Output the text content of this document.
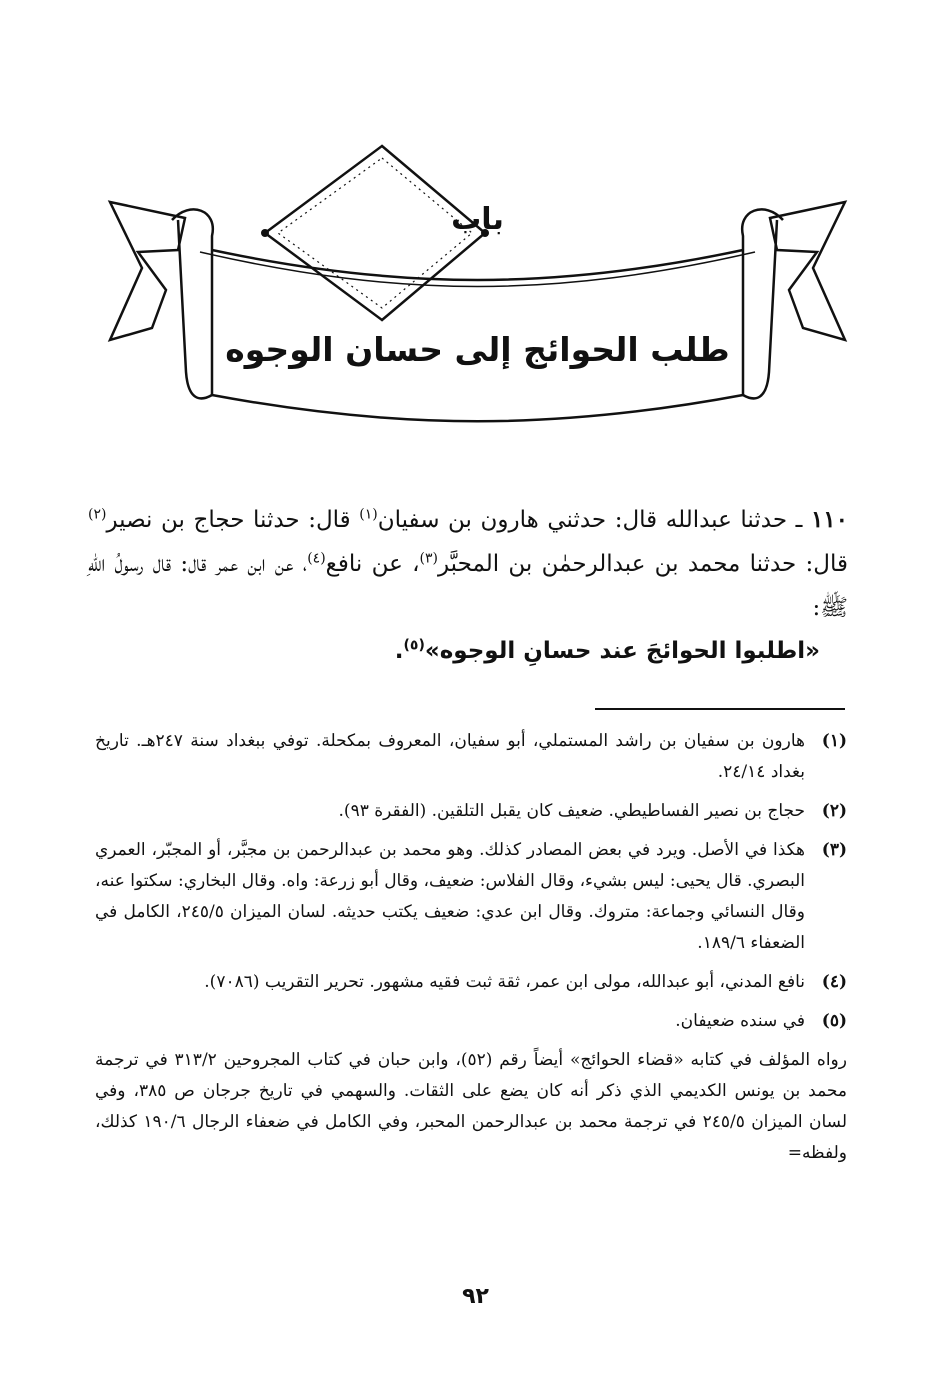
باب
طلب الحوائج إلى حسان الوجوه

١١٠ ـ حدثنا عبدالله قال: حدثني هارون بن سفيان$^{(١)}$ قال: حدثنا حجاج بن نصير$^{(٢)}$ قال: حدثنا محمد بن عبدالرحمٰن بن المحبَّر$^{(٣)}$، عن نافع$^{(٤)}$، عن ابن عمر قال: قال رسولُ اللهِ ﷺ:

«اطلبوا الحوائجَ عند حسانِ الوجوه»$^{(٥)}$.
(١)
هارون بن سفيان بن راشد المستملي، أبو سفيان، المعروف بمكحلة. توفي ببغداد سنة ٢٤٧هـ. تاريخ بغداد ٢٤/١٤.
(٢)
حجاج بن نصير الفساطيطي. ضعيف كان يقبل التلقين. (الفقرة ٩٣).
(٣)
هكذا في الأصل. ويرد في بعض المصادر كذلك. وهو محمد بن عبدالرحمن بن مجبَّر، أو المجبّر، العمري البصري. قال يحيى: ليس بشيء، وقال الفلاس: ضعيف، وقال أبو زرعة: واه. وقال البخاري: سكتوا عنه، وقال النسائي وجماعة: متروك. وقال ابن عدي: ضعيف يكتب حديثه. لسان الميزان ٢٤٥/٥، الكامل في الضعفاء ١٨٩/٦.
(٤)
نافع المدني، أبو عبدالله، مولى ابن عمر، ثقة ثبت فقيه مشهور. تحرير التقريب (٧٠٨٦).
(٥)
في سنده ضعيفان.
رواه المؤلف في كتابه «قضاء الحوائج» أيضاً رقم (٥٢)، وابن حبان في كتاب المجروحين ٣١٣/٢ في ترجمة محمد بن يونس الكديمي الذي ذكر أنه كان يضع على الثقات. والسهمي في تاريخ جرجان ص ٣٨٥، وفي لسان الميزان ٢٤٥/٥ في ترجمة محمد بن عبدالرحمن المحبر، وفي الكامل في ضعفاء الرجال ١٩٠/٦ كذلك، ولفظه=
٩٢
